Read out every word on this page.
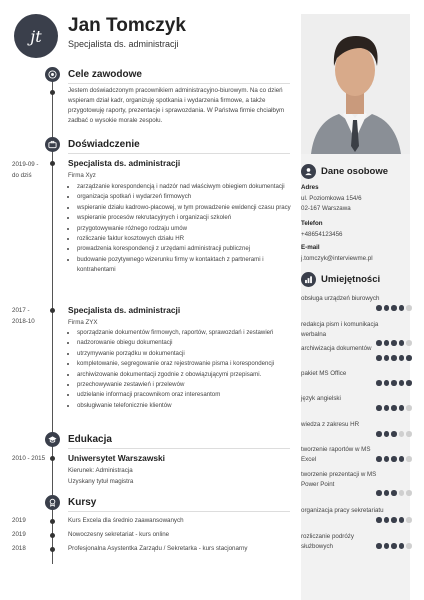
jt Jan Tomczyk
Specjalista ds. administracji
Cele zawodowe
Jestem doświadczonym pracownikiem administracyjno-biurowym. Na co dzień wspieram dział kadr, organizuję spotkania i wydarzenia firmowe, a także przygotowuję raporty, prezentacje i sprawozdania. W Państwa firmie chciałbym zadbać o wysokie morale zespołu.
Doświadczenie
2019-09 - do dziś
Specjalista ds. administracji
Firma Xyz
• zarządzanie korespondencją i nadzór nad właściwym obiegiem dokumentacji
• organizacja spotkań i wydarzeń firmowych
• wspieranie działu kadrowo-płacowej, w tym prowadzenie ewidencji czasu pracy
• wspieranie procesów rekrutacyjnych i organizacji szkoleń
• przygotowywanie różnego rodzaju umów
• rozliczanie faktur kosztowych działu HR
• prowadzenia korespondencji z urzędami administracji publicznej
• budowanie pozytywnego wizerunku firmy w kontaktach z partnerami i kontrahentami
2017 - 2018-10
Specjalista ds. administracji
Firma ZYX
• sporządzanie dokumentów firmowych, raportów, sprawozdań i zestawień
• nadzorowanie obiegu dokumentacji
• utrzymywanie porządku w dokumentacji
• kompletowanie, segregowanie oraz rejestrowanie pisma i korespondencji
• archiwizowanie dokumentacji zgodnie z obowiązującymi przepisami.
• przechowywanie zestawień i przelewów
• udzielanie informacji pracownikom oraz interesantom
• obsługiwanie telefonicznie klientów
Edukacja
2010 - 2015	Uniwersytet Warszawski
Kierunek: Administracja
Uzyskany tytuł magistra
Kursy
2019	Kurs Excela dla średnio zaawansowanych
2019	Nowoczesny sekretariat - kurs online
2018	Profesjonalna Asystentka Zarządu / Sekretarka - kurs stacjonarny
Dane osobowe
Adres
ul. Poziomkowa 154/6
02-167 Warszawa
Telefon
+48654123456
E-mail
j.tomczyk@interviewme.pl
Umiejętności
obsługa urządzeń biurowych
redakcja pism i komunikacja werbalna
archiwizacja dokumentów
pakiet MS Office
język angielski
wiedza z zakresu HR
tworzenie raportów w MS Excel
tworzenie prezentacji w MS Power Point
organizacja pracy sekretariatu
rozliczanie podróży służbowych
